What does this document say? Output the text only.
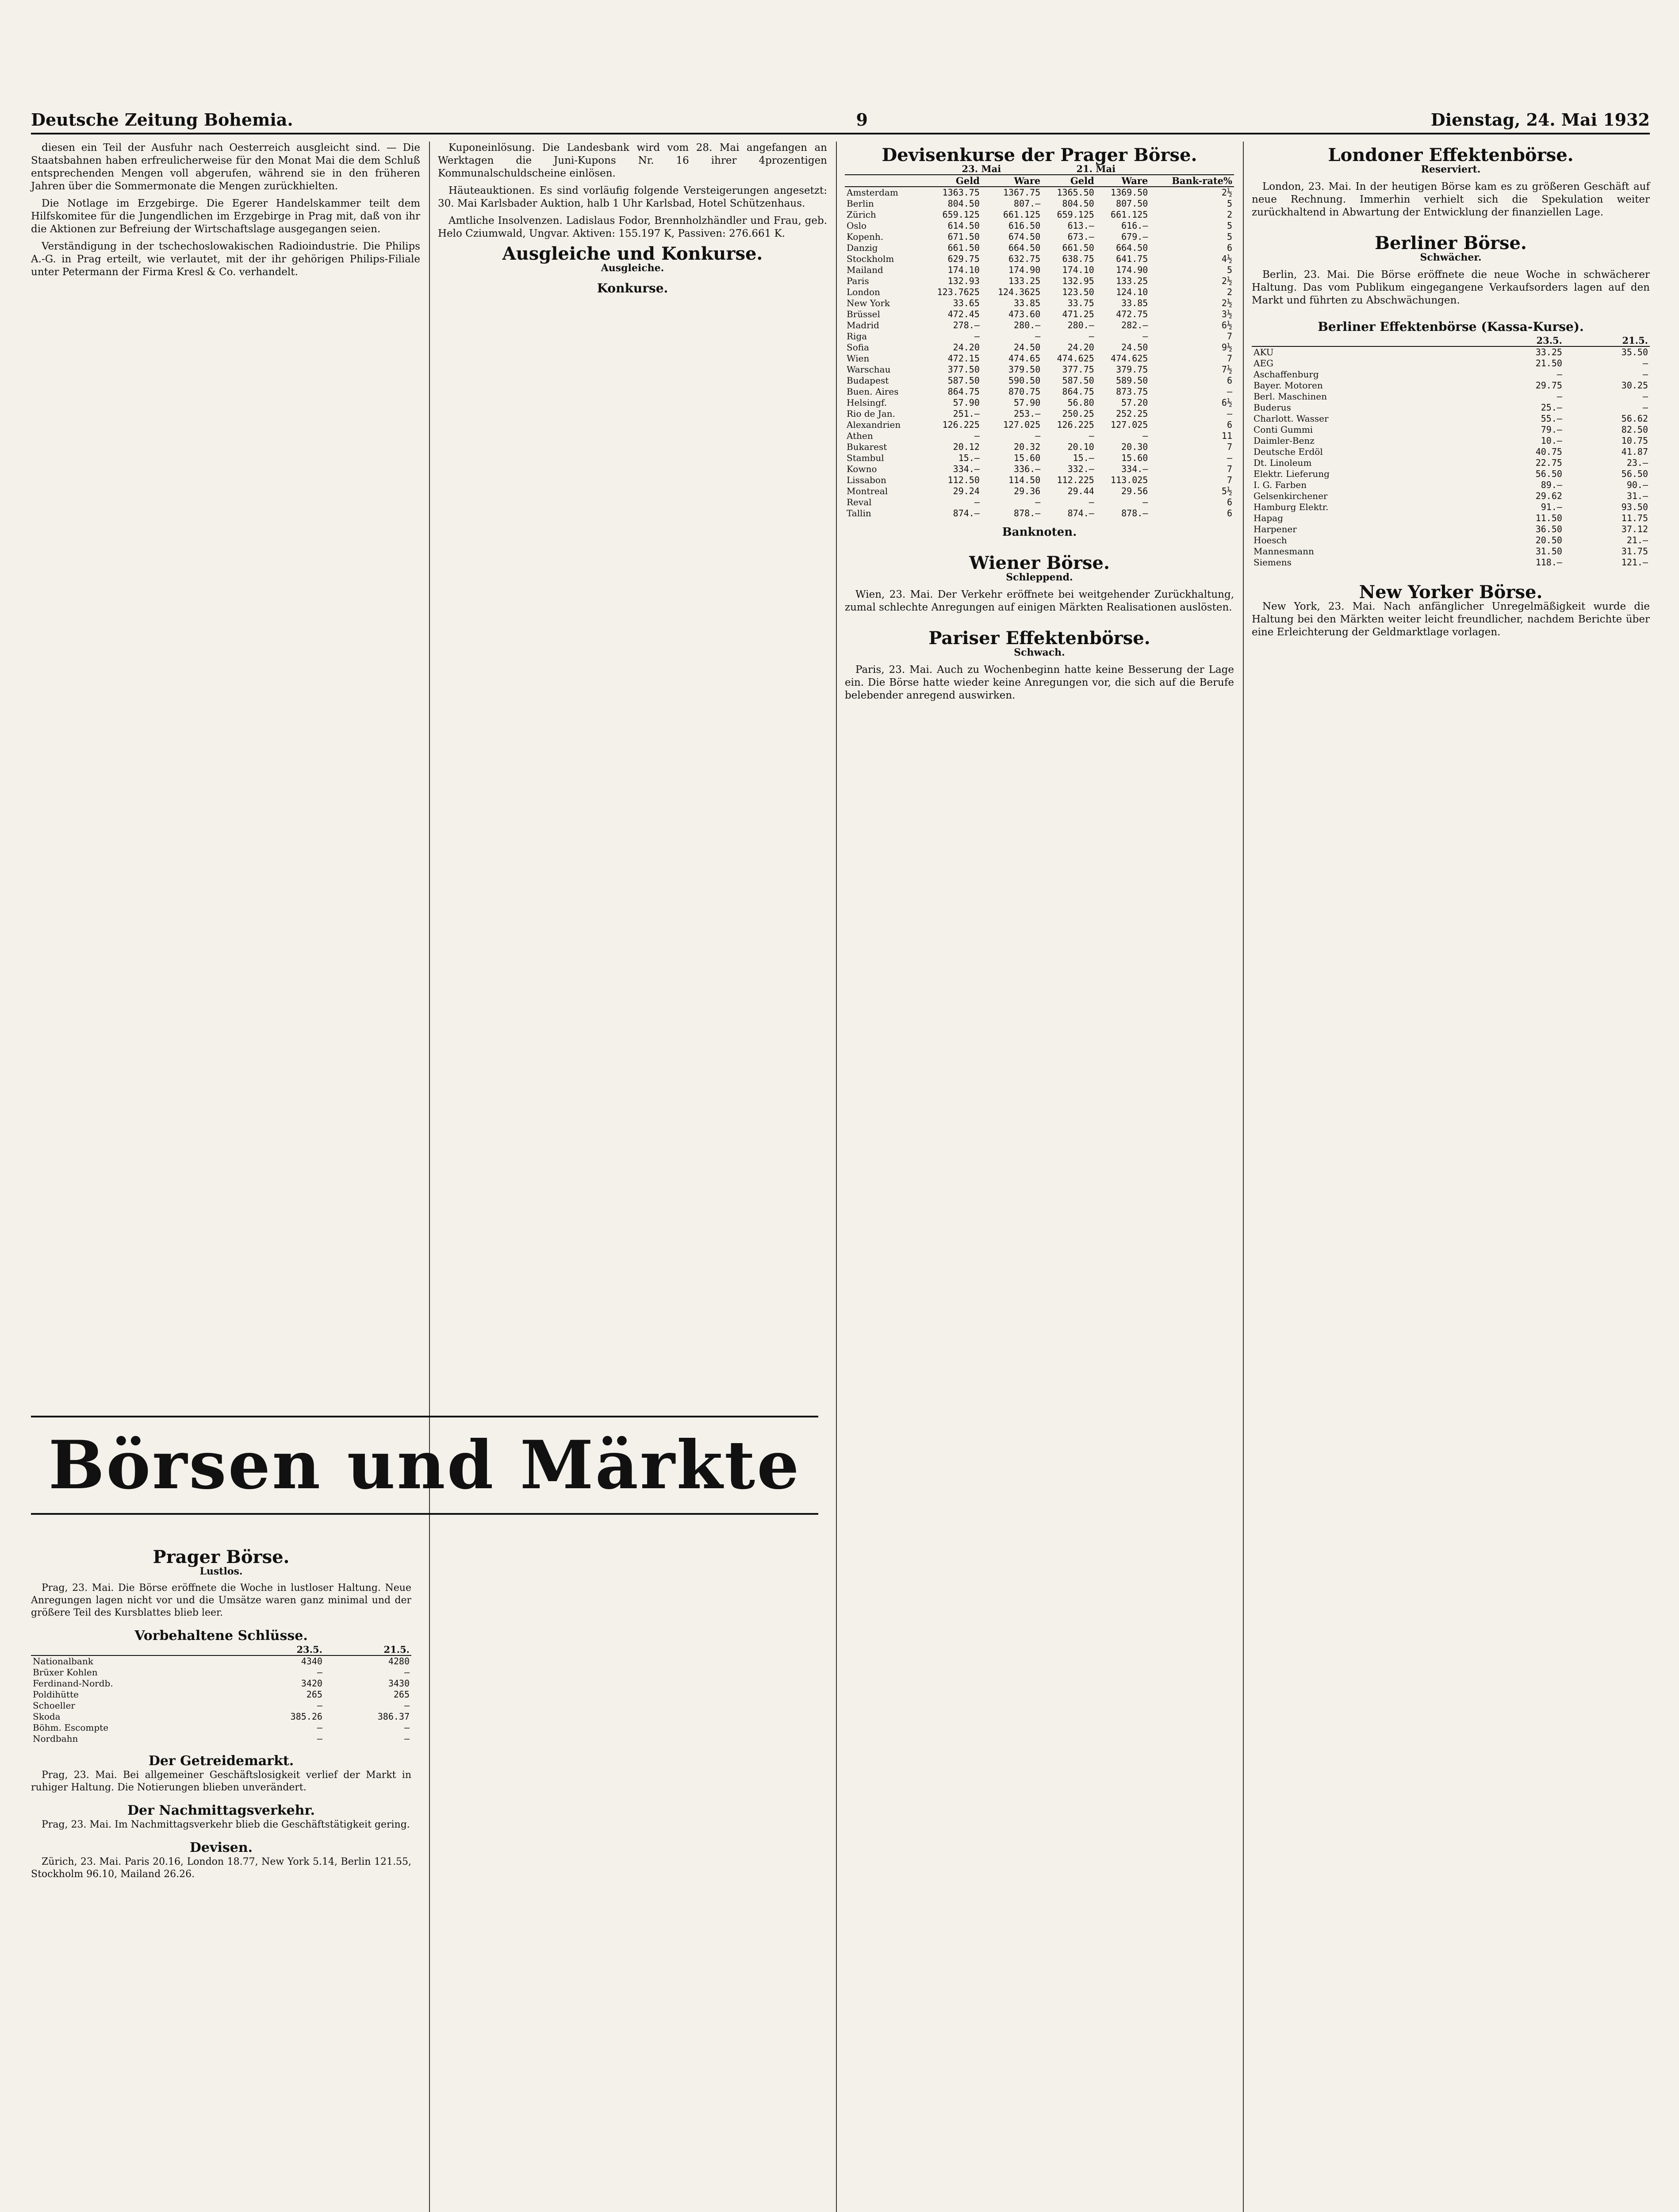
Deutsche Zeitung Bohemia.	9	Dienstag, 24. Mai 1932

diesen ein Teil der Ausfuhr nach Oesterreich ausgleicht sind. — Die Staatsbahnen haben erfreulicherweise für den Monat Mai die dem Schluß entsprechenden Mengen voll abgerufen, während sie in den früheren Jahren über die Sommermonate die Mengen zurückhielten.

Die Notlage im Erzgebirge. Die Egerer Handelskammer teilt dem Hilfskomitee für die Jungendlichen im Erzgebirge in Prag mit, daß von ihr die Aktionen zur Befreiung der Wirtschaftslage ausgegangen seien.

Verständigung in der tschechoslowakischen Radioindustrie. Die Philips A.-G. in Prag erteilt, wie verlautet, mit der ihr gehörigen Philips-Filiale unter Petermann der Firma Kresl & Co. verhandelt.

Kuponeinlösung. Die Landesbank wird vom 28. Mai angefangen an Werktagen die Juni-Kupons Nr. 16 ihrer 4prozentigen Kommunalschuldscheine einlösen.

Häuteauktionen. Es sind vorläufig folgende Versteigerungen angesetzt: 30. Mai Karlsbader Auktion, halb 1 Uhr Karlsbad, Hotel Schützenhaus.

Amtliche Insolvenzen. Ladislaus Fodor, Brennholzhändler und Frau, geb. Helo Cziumwald, Ungvar. Aktiven: 155.197 K, Passiven: 276.661 K.

Ausgleiche und Konkurse.
Ausgleiche.
Konkurse.
Devisenkurse der Prager Börse.
	23. Mai		21. Mai		
	Geld	Ware	Geld	Ware	Bank-rate%
Amsterdam	1363.75	1367.75	1365.50	1369.50	2½
Berlin	804.50	807.—	804.50	807.50	5
Zürich	659.125	661.125	659.125	661.125	2
Oslo	614.50	616.50	613.—	616.—	5
Kopenh.	671.50	674.50	673.—	679.—	5
Danzig	661.50	664.50	661.50	664.50	6
Stockholm	629.75	632.75	638.75	641.75	4½
Mailand	174.10	174.90	174.10	174.90	5
Paris	132.93	133.25	132.95	133.25	2½
London	123.7625	124.3625	123.50	124.10	2
New York	33.65	33.85	33.75	33.85	2½
Brüssel	472.45	473.60	471.25	472.75	3½
Madrid	278.—	280.—	280.—	282.—	6½
Riga	—	—	—	—	7
Sofia	24.20	24.50	24.20	24.50	9½
Wien	472.15	474.65	474.625	474.625	7
Warschau	377.50	379.50	377.75	379.75	7½
Budapest	587.50	590.50	587.50	589.50	6
Buen. Aires	864.75	870.75	864.75	873.75	—
Helsingf.	57.90	57.90	56.80	57.20	6½
Rio de Jan.	251.—	253.—	250.25	252.25	—
Alexandrien	126.225	127.025	126.225	127.025	6
Athen	—	—	—	—	11
Bukarest	20.12	20.32	20.10	20.30	7
Stambul	15.—	15.60	15.—	15.60	—
Kowno	334.—	336.—	332.—	334.—	7
Lissabon	112.50	114.50	112.225	113.025	7
Montreal	29.24	29.36	29.44	29.56	5½
Reval	—	—	—	—	6
Tallin	874.—	878.—	874.—	878.—	6
Banknoten.
Wiener Börse.
Schleppend.

Wien, 23. Mai. Der Verkehr eröffnete bei weitgehender Zurückhaltung, zumal schlechte Anregungen auf einigen Märkten Realisationen auslösten.

Pariser Effektenbörse.
Schwach.

Paris, 23. Mai. Auch zu Wochenbeginn hatte keine Besserung der Lage ein. Die Börse hatte wieder keine Anregungen vor, die sich auf die Berufe belebender anregend auswirken.

Londoner Effektenbörse.
Reserviert.

London, 23. Mai. In der heutigen Börse kam es zu größeren Geschäft auf neue Rechnung. Immerhin verhielt sich die Spekulation weiter zurückhaltend in Abwartung der Entwicklung der finanziellen Lage.

Berliner Börse.
Schwächer.

Berlin, 23. Mai. Die Börse eröffnete die neue Woche in schwächerer Haltung. Das vom Publikum eingegangene Verkaufsorders lagen auf den Markt und führten zu Abschwächungen.

Berliner Effektenbörse (Kassa-Kurse).
	23.5.	21.5.
AKU	33.25	35.50
AEG	21.50	—
Aschaffenburg	—	—
Bayer. Motoren	29.75	30.25
Berl. Maschinen	—	—
Buderus	25.—	—
Charlott. Wasser	55.—	56.62
Conti Gummi	79.—	82.50
Daimler-Benz	10.—	10.75
Deutsche Erdöl	40.75	41.87
Dt. Linoleum	22.75	23.—
Elektr. Lieferung	56.50	56.50
I. G. Farben	89.—	90.—
Gelsenkirchener	29.62	31.—
Hamburg Elektr.	91.—	93.50
Hapag	11.50	11.75
Harpener	36.50	37.12
Hoesch	20.50	21.—
Mannesmann	31.50	31.75
Siemens	118.—	121.—
New Yorker Börse.

New York, 23. Mai. Nach anfänglicher Unregelmäßigkeit wurde die Haltung bei den Märkten weiter leicht freundlicher, nachdem Berichte über eine Erleichterung der Geldmarktlage vorlagen.

Börsen und Märkte
Prager Börse.
Lustlos.

Prag, 23. Mai. Die Börse eröffnete die Woche in lustloser Haltung. Neue Anregungen lagen nicht vor und die Umsätze waren ganz minimal und der größere Teil des Kursblattes blieb leer.

Vorbehaltene Schlüsse.
	23.5.	21.5.
Nationalbank	4340	4280
Brüxer Kohlen	—	—
Ferdinand-Nordb.	3420	3430
Poldihütte	265	265
Schoeller	—	—
Skoda	385.26	386.37
Böhm. Escompte	—	—
Nordbahn	—	—
Der Getreidemarkt.

Prag, 23. Mai. Bei allgemeiner Geschäftslosigkeit verlief der Markt in ruhiger Haltung. Die Notierungen blieben unverändert.

Der Nachmittagsverkehr.

Prag, 23. Mai. Im Nachmittagsverkehr blieb die Geschäftstätigkeit gering.

Devisen.

Zürich, 23. Mai. Paris 20.16, London 18.77, New York 5.14, Berlin 121.55, Stockholm 96.10, Mailand 26.26.
